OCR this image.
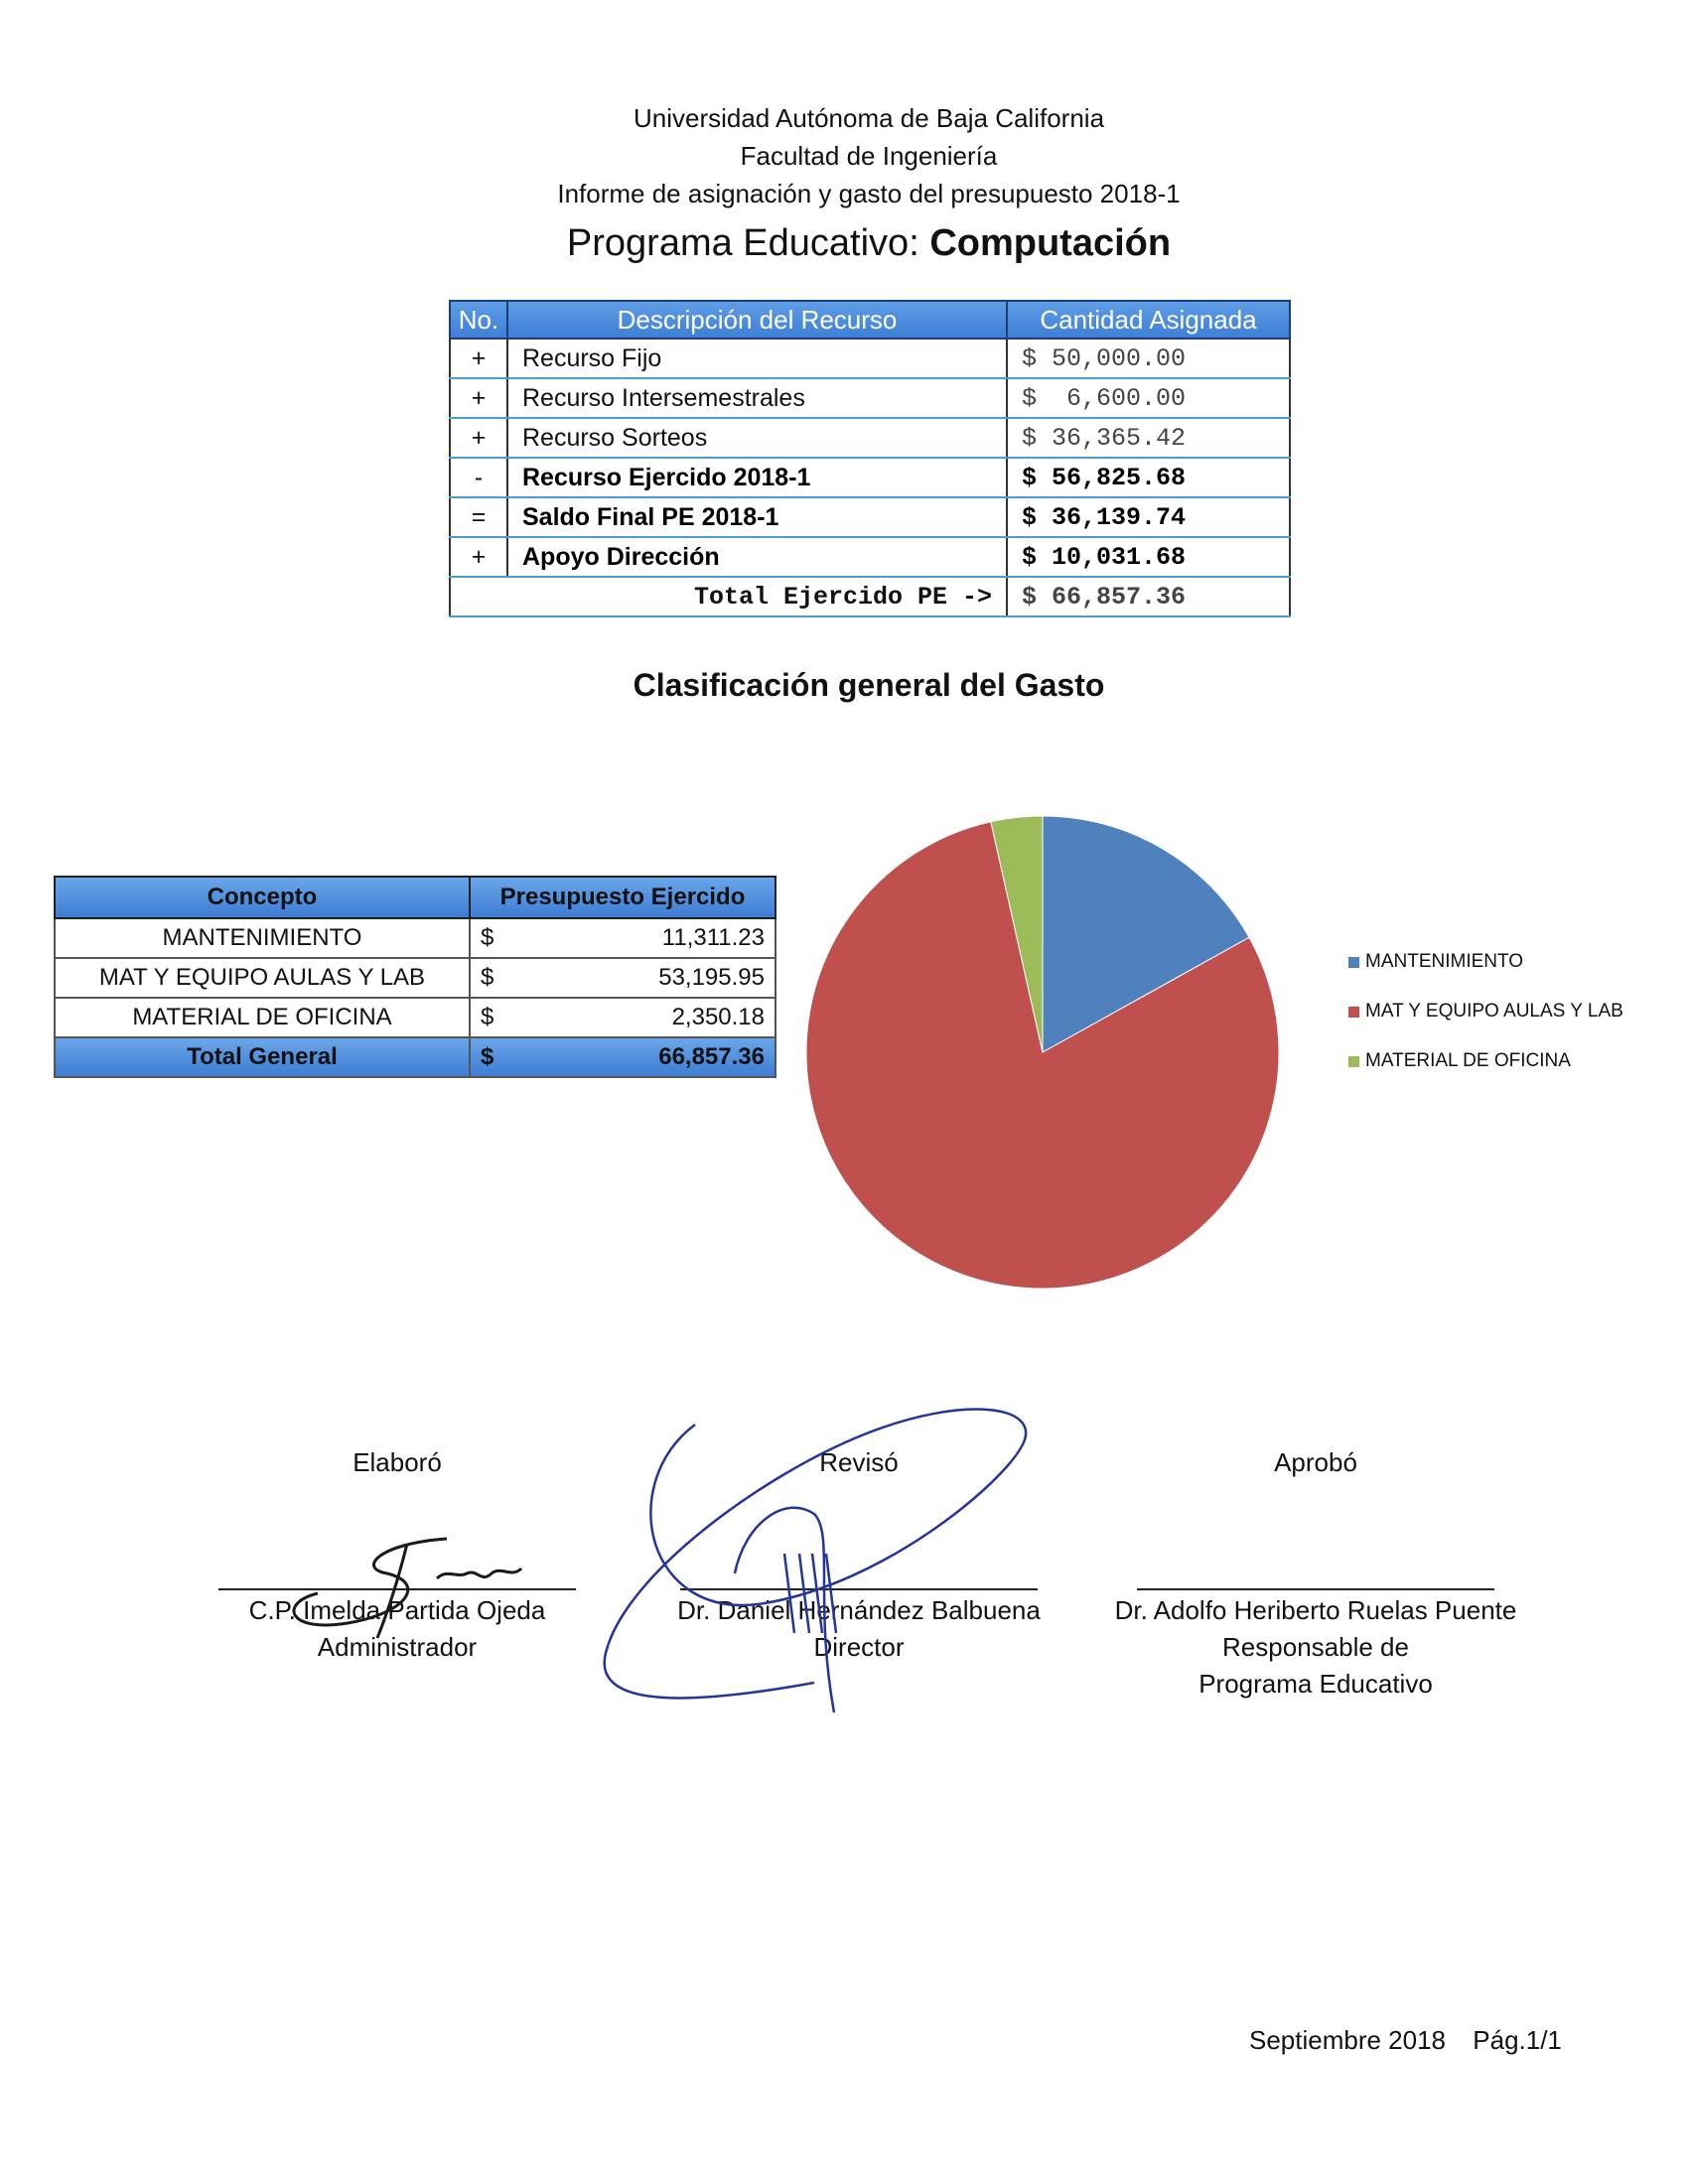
Universidad Autónoma de Baja California
Facultad de Ingeniería
Informe de asignación y gasto del presupuesto 2018-1
Programa Educativo: Computación
No.	Descripción del Recurso	Cantidad Asignada
+	Recurso Fijo	$ 50,000.00
+	Recurso Intersemestrales	$  6,600.00
+	Recurso Sorteos	$ 36,365.42
-	Recurso Ejercido 2018-1	$ 56,825.68
=	Saldo Final PE 2018-1	$ 36,139.74
+	Apoyo Dirección	$ 10,031.68
Total Ejercido PE ->		$ 66,857.36
Clasificación general del Gasto
Concepto	Presupuesto Ejercido	
MANTENIMIENTO	$	11,311.23
MAT Y EQUIPO AULAS Y LAB	$	53,195.95
MATERIAL DE OFICINA	$	2,350.18
Total General	$	66,857.36
MANTENIMIENTO
MAT Y EQUIPO AULAS Y LAB
MATERIAL DE OFICINA
Elaboró
C.P. Imelda Partida Ojeda
Administrador
Revisó
Dr. Daniel Hernández Balbuena
Director
Aprobó
Dr. Adolfo Heriberto Ruelas Puente
Responsable de Programa Educativo
Septiembre 2018 Pág.1/1
